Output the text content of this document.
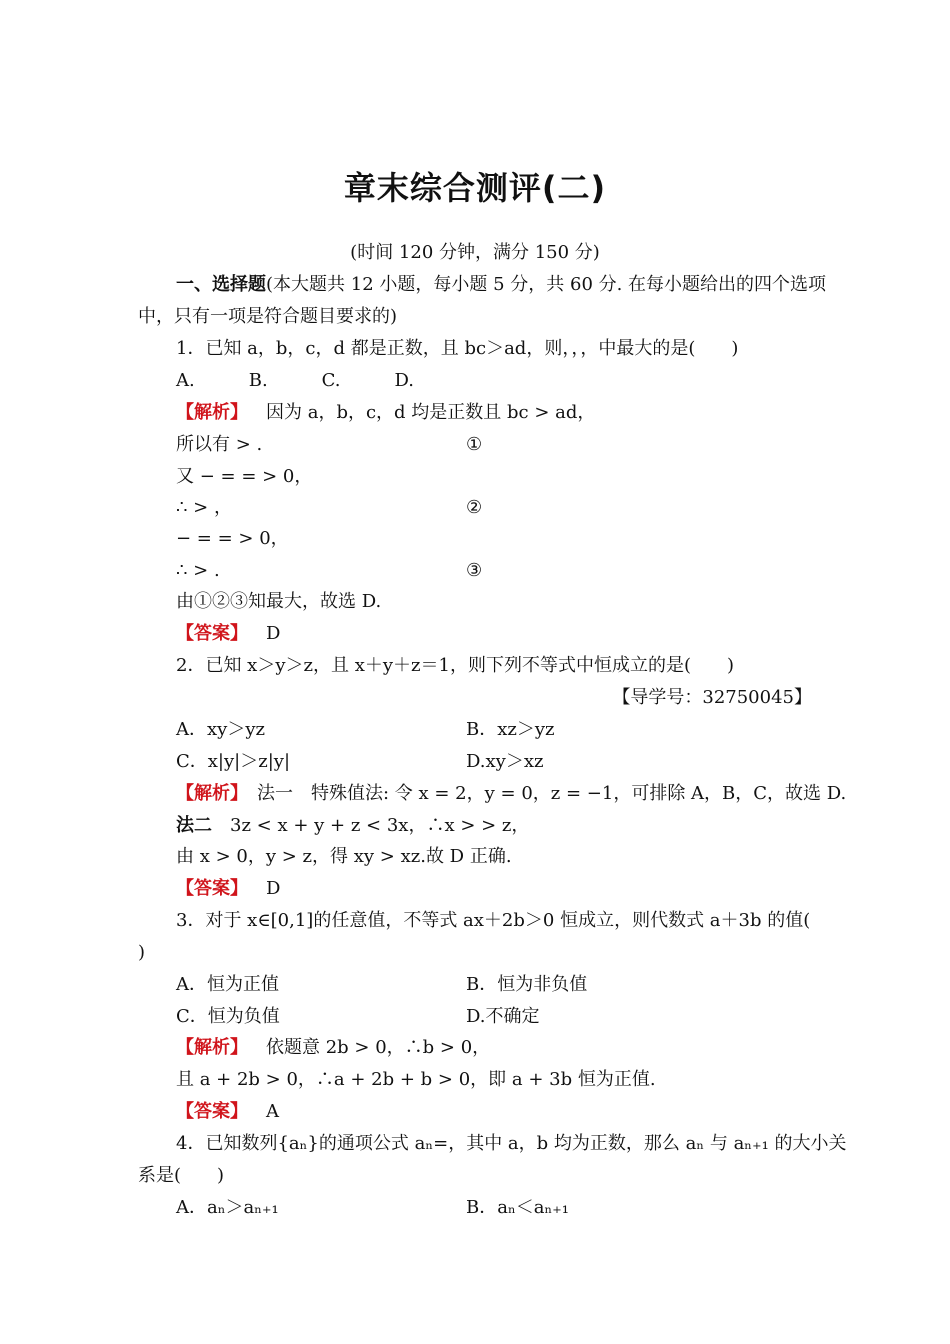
章末综合测评(二)
(时间 120 分钟，满分 150 分)
一、选择题(本大题共 12 小题，每小题 5 分，共 60 分. 在每小题给出的四个选项
中，只有一项是符合题目要求的)
1．已知 a，b，c，d 都是正数，且 bc＞ad，则，，，中最大的是(　　)
A.　　　B.　　　C.　　　D.
【解析】  因为 a，b，c，d 均是正数且 bc > ad，
所以有 > .	①
又 − = = > 0，
∴ > ，	②
− = = > 0，
∴ > .	③
由①②③知最大，故选 D.
【答案】  D
2．已知 x＞y＞z，且 x＋y＋z＝1，则下列不等式中恒成立的是(　　)
【导学号：32750045】
A．xy＞yz	B．xz＞yz
C．x|y|＞z|y|	D.xy＞xz
【解析】  法一　特殊值法: 令 x = 2，y = 0，z = −1，可排除 A，B，C，故选 D.
法二  3z < x + y + z < 3x，∴x > > z，
由 x > 0，y > z，得 xy > xz.故 D 正确.
【答案】  D
3．对于 x∈[0,1]的任意值，不等式 ax＋2b＞0 恒成立，则代数式 a＋3b 的值(
)
A．恒为正值	B．恒为非负值
C．恒为负值	D.不确定
【解析】  依题意 2b > 0，∴b > 0，
且 a + 2b > 0，∴a + 2b + b > 0，即 a + 3b 恒为正值.
【答案】  A
4．已知数列{aₙ}的通项公式 aₙ=，其中 a，b 均为正数，那么 aₙ 与 aₙ₊₁ 的大小关
系是(　　)
A．aₙ＞aₙ₊₁	B．aₙ＜aₙ₊₁
